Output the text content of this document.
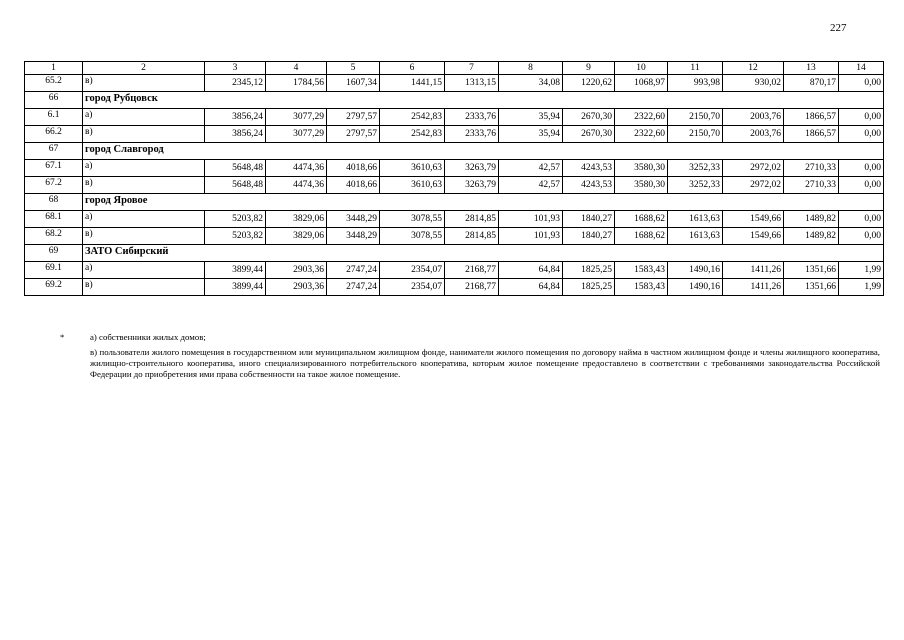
227
1	2	3	4	5	6	7	8	9	10	11	12	13	14
65.2	в)	2345,12	1784,56	1607,34	1441,15	1313,15	34,08	1220,62	1068,97	993,98	930,02	870,17	0,00
66	город Рубцовск												
6.1	а)	3856,24	3077,29	2797,57	2542,83	2333,76	35,94	2670,30	2322,60	2150,70	2003,76	1866,57	0,00
66.2	в)	3856,24	3077,29	2797,57	2542,83	2333,76	35,94	2670,30	2322,60	2150,70	2003,76	1866,57	0,00
67	город Славгород												
67.1	а)	5648,48	4474,36	4018,66	3610,63	3263,79	42,57	4243,53	3580,30	3252,33	2972,02	2710,33	0,00
67.2	в)	5648,48	4474,36	4018,66	3610,63	3263,79	42,57	4243,53	3580,30	3252,33	2972,02	2710,33	0,00
68	город Яровое												
68.1	а)	5203,82	3829,06	3448,29	3078,55	2814,85	101,93	1840,27	1688,62	1613,63	1549,66	1489,82	0,00
68.2	в)	5203,82	3829,06	3448,29	3078,55	2814,85	101,93	1840,27	1688,62	1613,63	1549,66	1489,82	0,00
69	ЗАТО Сибирский												
69.1	а)	3899,44	2903,36	2747,24	2354,07	2168,77	64,84	1825,25	1583,43	1490,16	1411,26	1351,66	1,99
69.2	в)	3899,44	2903,36	2747,24	2354,07	2168,77	64,84	1825,25	1583,43	1490,16	1411,26	1351,66	1,99
*	а) собственники жилых домов;

в) пользователи жилого помещения в государственном или муниципальном жилищном фонде, наниматели жилого помещения по договору найма в частном жилищном фонде и члены жилищного кооператива, жилищно-строительного кооператива, иного специализированного потребительского кооператива, которым жилое помещение предоставлено в соответствии с требованиями законодательства Российской Федерации до приобретения ими права собственности на такое жилое помещение.
